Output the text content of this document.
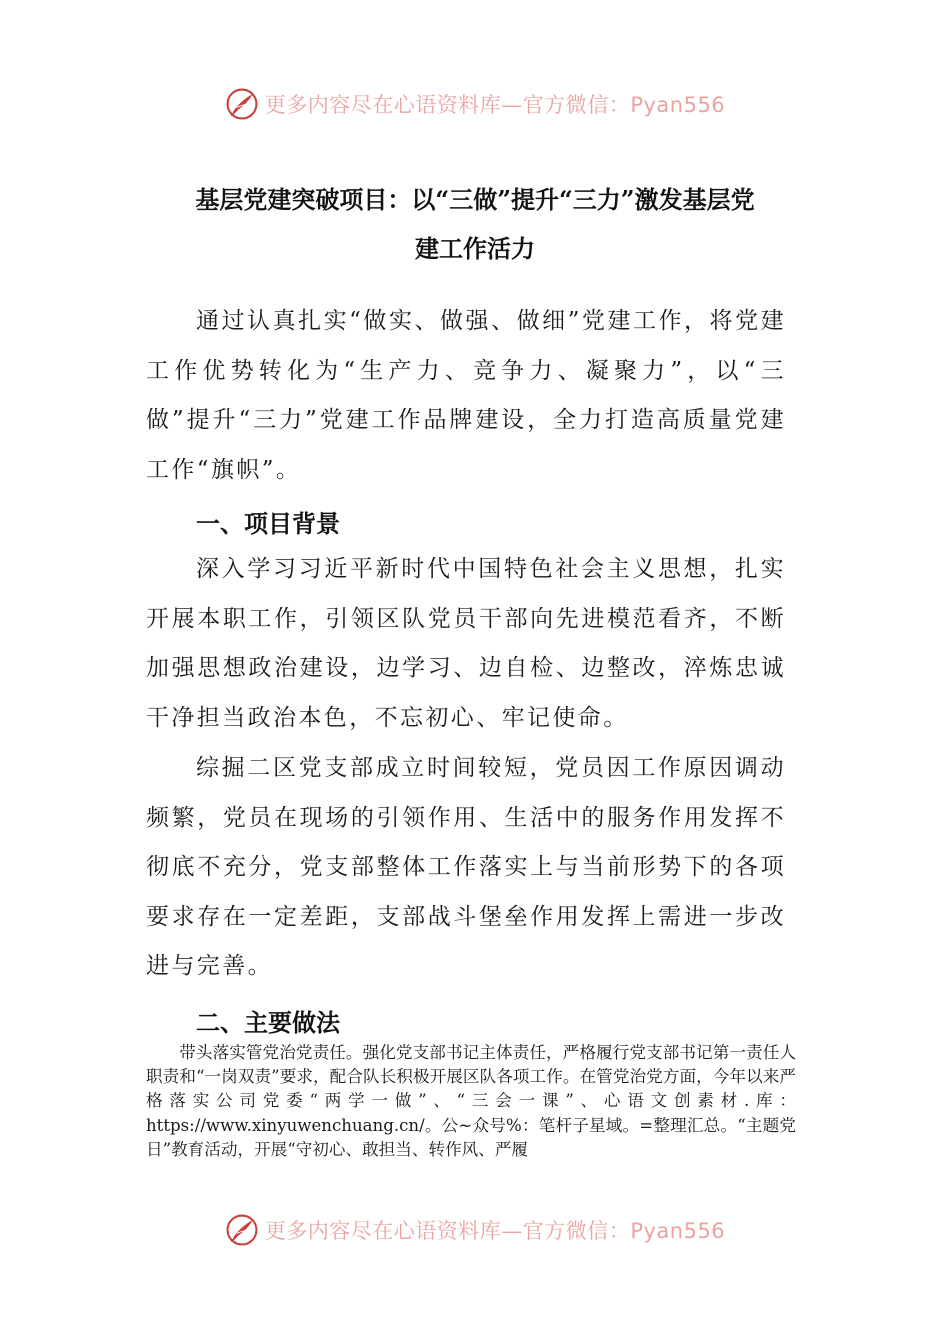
更多内容尽在心语资料库—官方微信：Pyan556
基层党建突破项目：以“三做”提升“三力”激发基层党
建工作活力

通过认真扎实“做实、做强、做细”党建工作，将党建工作优势转化为“生产力、竞争力、凝聚力”，以“三做”提升“三力”党建工作品牌建设，全力打造高质量党建工作“旗帜”。

一、项目背景

深入学习习近平新时代中国特色社会主义思想，扎实开展本职工作，引领区队党员干部向先进模范看齐，不断加强思想政治建设，边学习、边自检、边整改，淬炼忠诚干净担当政治本色，不忘初心、牢记使命。

综掘二区党支部成立时间较短，党员因工作原因调动频繁，党员在现场的引领作用、生活中的服务作用发挥不彻底不充分，党支部整体工作落实上与当前形势下的各项要求存在一定差距，支部战斗堡垒作用发挥上需进一步改进与完善。

二、主要做法

带头落实管党治党责任。强化党支部书记主体责任，严格履行党支部书记第一责任人职责和“一岗双责”要求，配合队长积极开展区队各项工作。在管党治党方面，今年以来严格落实公司党委“两学一做”、“三会一课”、心语文创素材.库：https://www.xinyuwenchuang.cn/。公~众号%：笔杆子星域。=整理汇总。“主题党日”教育活动，开展“守初心、敢担当、转作风、严履

更多内容尽在心语资料库—官方微信：Pyan556
